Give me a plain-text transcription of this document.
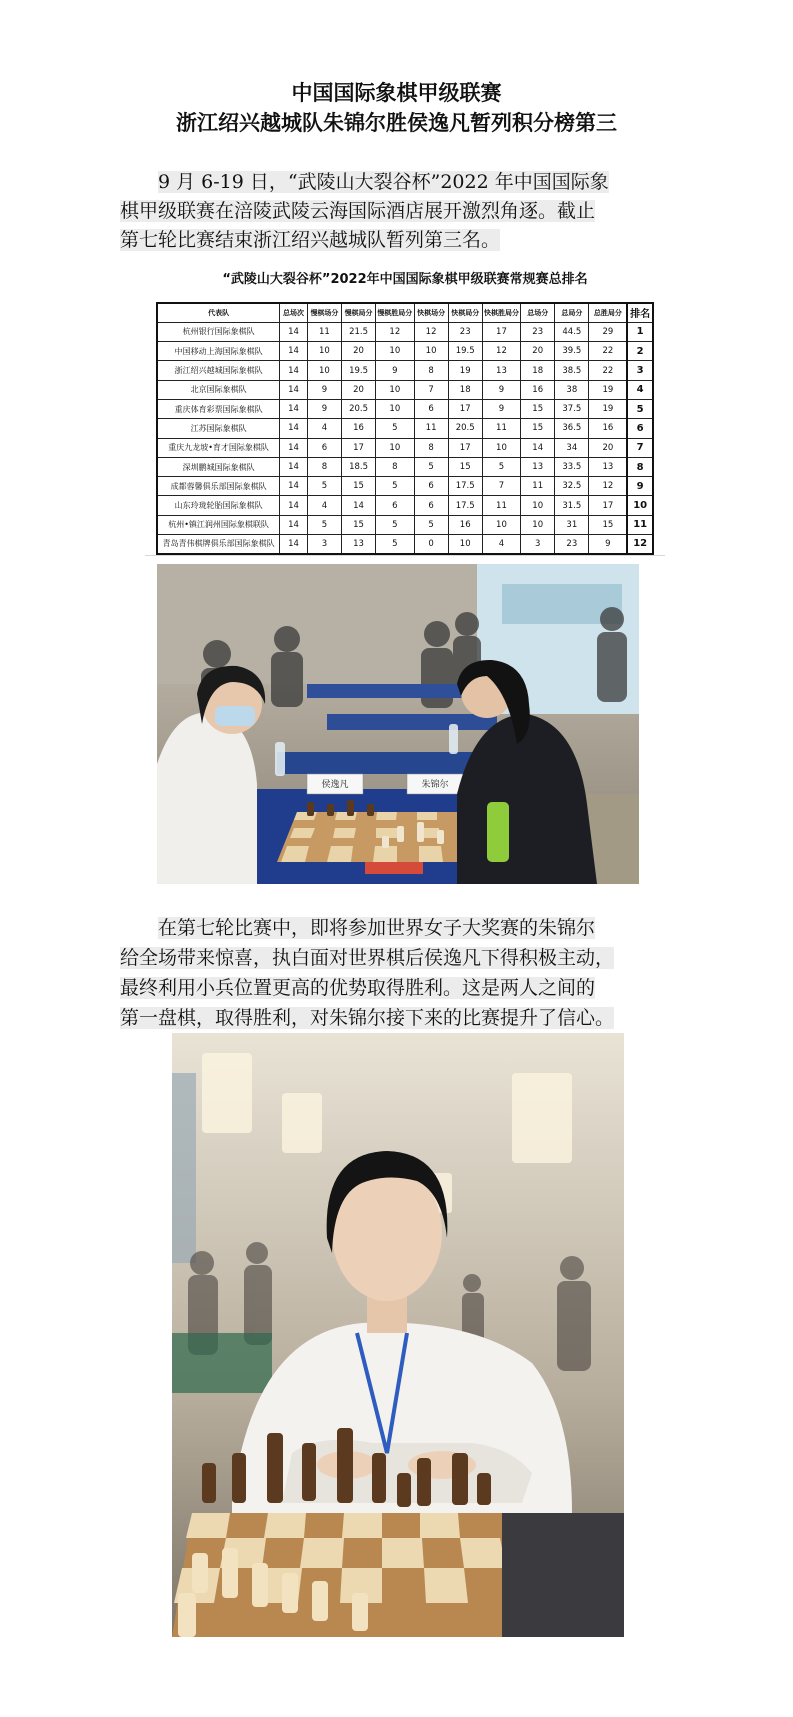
中国国际象棋甲级联赛
浙江绍兴越城队朱锦尔胜侯逸凡暂列积分榜第三
9 月 6-19 日，“武陵山大裂谷杯”2022 年中国国际象
棋甲级联赛在涪陵武陵云海国际酒店展开激烈角逐。截止
第七轮比赛结束浙江绍兴越城队暂列第三名。
“武陵山大裂谷杯”2022年中国国际象棋甲级联赛常规赛总排名
代表队	总场次	慢棋场分	慢棋局分	慢棋胜局分	快棋场分	快棋局分	快棋胜局分	总场分	总局分	总胜局分	排名
杭州银行国际象棋队	14	11	21.5	12	12	23	17	23	44.5	29	1
中国移动上海国际象棋队	14	10	20	10	10	19.5	12	20	39.5	22	2
浙江绍兴越城国际象棋队	14	10	19.5	9	8	19	13	18	38.5	22	3
北京国际象棋队	14	9	20	10	7	18	9	16	38	19	4
重庆体育彩票国际象棋队	14	9	20.5	10	6	17	9	15	37.5	19	5
江苏国际象棋队	14	4	16	5	11	20.5	11	15	36.5	16	6
重庆九龙坡•育才国际象棋队	14	6	17	10	8	17	10	14	34	20	7
深圳鹏城国际象棋队	14	8	18.5	8	5	15	5	13	33.5	13	8
成都蓉馨俱乐部国际象棋队	14	5	15	5	6	17.5	7	11	32.5	12	9
山东玲珑轮胎国际象棋队	14	4	14	6	6	17.5	11	10	31.5	17	10
杭州•镇江润州国际象棋联队	14	5	15	5	5	16	10	10	31	15	11
青岛青伟棋牌俱乐部国际象棋队	14	3	13	5	0	10	4	3	23	9	12
侯逸凡	朱锦尔
在第七轮比赛中，即将参加世界女子大奖赛的朱锦尔
给全场带来惊喜，执白面对世界棋后侯逸凡下得积极主动，
最终利用小兵位置更高的优势取得胜利。这是两人之间的
第一盘棋，取得胜利，对朱锦尔接下来的比赛提升了信心。
